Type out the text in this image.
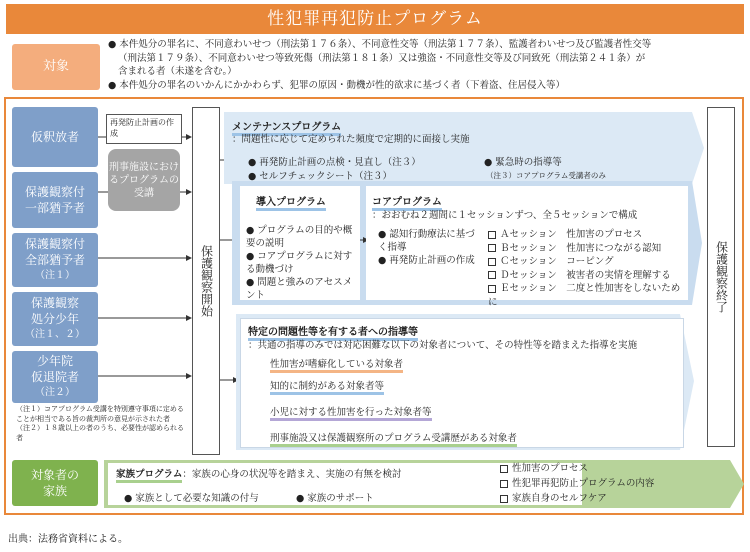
性犯罪再犯防止プログラム
対象
● 本件処分の罪名に、不同意わいせつ（刑法第１７６条）、不同意性交等（刑法第１７７条）、監護者わいせつ及び監護者性交等
（刑法第１７９条）、不同意わいせつ等致死傷（刑法第１８１条）又は強盗・不同意性交等及び同致死（刑法第２４１条）が
含まれる者（未遂を含む。）
● 本件処分の罪名のいかんにかかわらず、犯罪の原因・動機が性的欲求に基づく者（下着盗、住居侵入等）
仮釈放者
保護観察付
一部猶予者
保護観察付
全部猶予者
（注１）
保護観察
処分少年
（注１、２）
少年院
仮退院者
（注２）
（注１）コアプログラム受講を特別遵守事項に定めることが相当である旨の裁判所の意見が示された者
（注２）１８歳以上の者のうち、必要性が認められる者
再発防止計画の作成
刑事施設におけるプログラムの受講
保護観察開始	保護観察終了
メンテナンスプログラム
：問題性に応じて定められた頻度で定期的に面接し実施
● 再発防止計画の点検・見直し（注３）
● セルフチェックシート（注３）
● 緊急時の指導等
（注３）コアプログラム受講者のみ
導入プログラム
● プログラムの目的や概要の説明
● コアプログラムに対する動機づけ
● 問題と強みのアセスメント
コアプログラム
：おおむね２週間に１セッションずつ、全５セッションで構成
● 認知行動療法に基づく指導
● 再発防止計画の作成
Ａセッション　性加害のプロセス
Ｂセッション　性加害につながる認知
Ｃセッション　コーピング
Ｄセッション　被害者の実情を理解する
Ｅセッション　二度と性加害をしないために
特定の問題性等を有する者への指導等
：共通の指導のみでは対応困難な以下の対象者について、その特性等を踏まえた指導を実施
性加害が嗜癖化している対象者
知的に制約がある対象者等
小児に対する性加害を行った対象者等
刑事施設又は保護観察所のプログラム受講歴がある対象者
対象者の
家族
家族プログラム：家族の心身の状況等を踏まえ、実施の有無を検討
● 家族として必要な知識の付与	● 家族のサポート
性加害のプロセス
性犯罪再犯防止プログラムの内容
家族自身のセルフケア
出典：法務省資料による。
